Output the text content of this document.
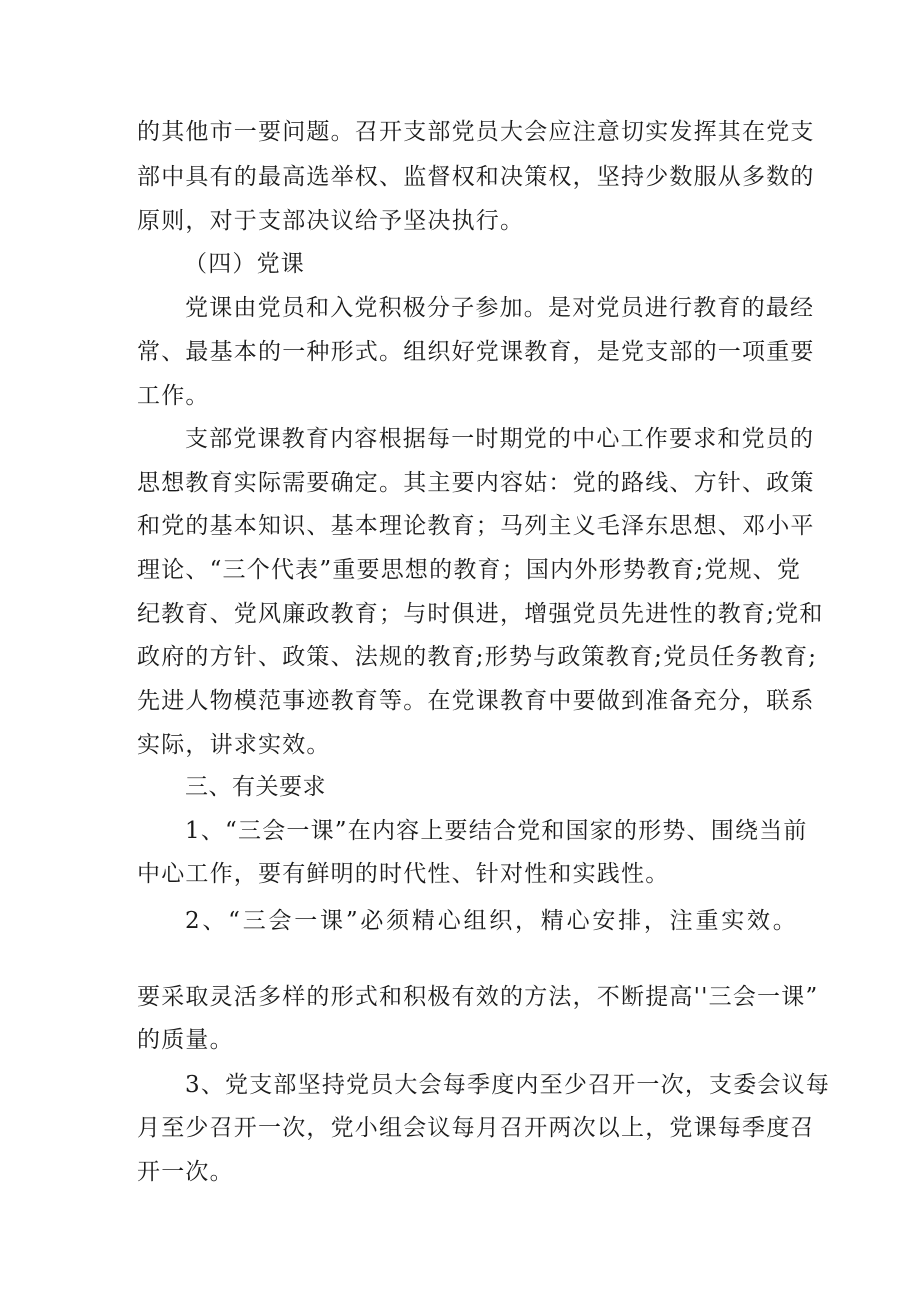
的其他市一要问题。召开支部党员大会应注意切实发挥其在党支
部中具有的最高选举权、监督权和决策权，坚持少数服从多数的
原则，对于支部决议给予坚决执行。
（四）党课
党课由党员和入党积极分子参加。是对党员进行教育的最经
常、最基本的一种形式。组织好党课教育，是党支部的一项重要
工作。
支部党课教育内容根据每一时期党的中心工作要求和党员的
思想教育实际需要确定。其主要内容姑：党的路线、方针、政策
和党的基本知识、基本理论教育；马列主义毛泽东思想、邓小平
理论、“三个代表”重要思想的教育；国内外形势教育;党规、党
纪教育、党风廉政教育；与时俱进，增强党员先进性的教育;党和
政府的方针、政策、法规的教育;形势与政策教育;党员任务教育;
先进人物模范事迹教育等。在党课教育中要做到准备充分，联系
实际，讲求实效。
三、有关要求
1、“三会一课”在内容上要结合党和国家的形势、围绕当前
中心工作，要有鲜明的时代性、针对性和实践性。
2、“三会一课”必须精心组织，精心安排，注重实效。
要采取灵活多样的形式和积极有效的方法，不断提高''三会一课”
的质量。
3、党支部坚持党员大会每季度内至少召开一次，支委会议每
月至少召开一次，党小组会议每月召开两次以上，党课每季度召
开一次。
